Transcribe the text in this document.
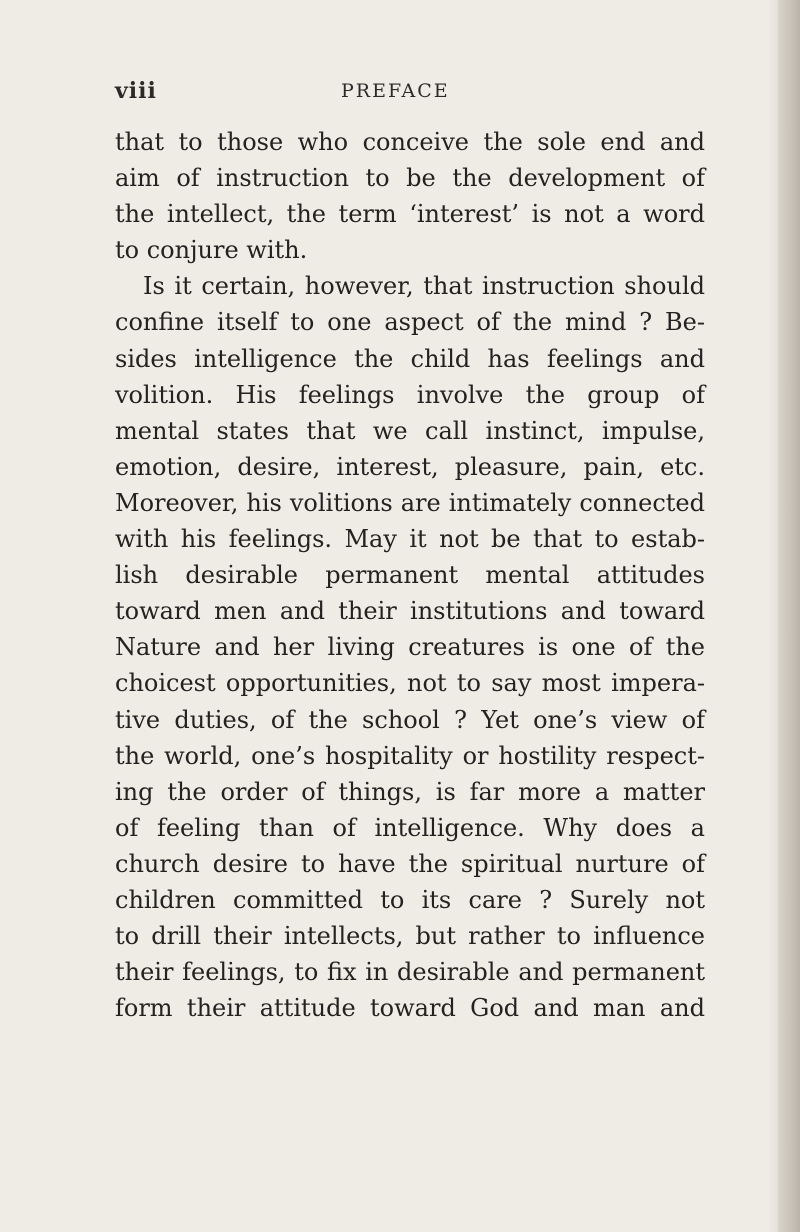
viii	PREFACE
that to those who conceive the sole end and
aim of instruction to be the development of
the intellect, the term ‘interest’ is not a word
to conjure with.
Is it certain, however, that instruction should
confine itself to one aspect of the mind ? Be-
sides intelligence the child has feelings and
volition. His feelings involve the group of
mental states that we call instinct, impulse,
emotion, desire, interest, pleasure, pain, etc.
Moreover, his volitions are intimately connected
with his feelings. May it not be that to estab-
lish desirable permanent mental attitudes
toward men and their institutions and toward
Nature and her living creatures is one of the
choicest opportunities, not to say most impera-
tive duties, of the school ? Yet one’s view of
the world, one’s hospitality or hostility respect-
ing the order of things, is far more a matter
of feeling than of intelligence. Why does a
church desire to have the spiritual nurture of
children committed to its care ? Surely not
to drill their intellects, but rather to influence
their feelings, to fix in desirable and permanent
form their attitude toward God and man and
